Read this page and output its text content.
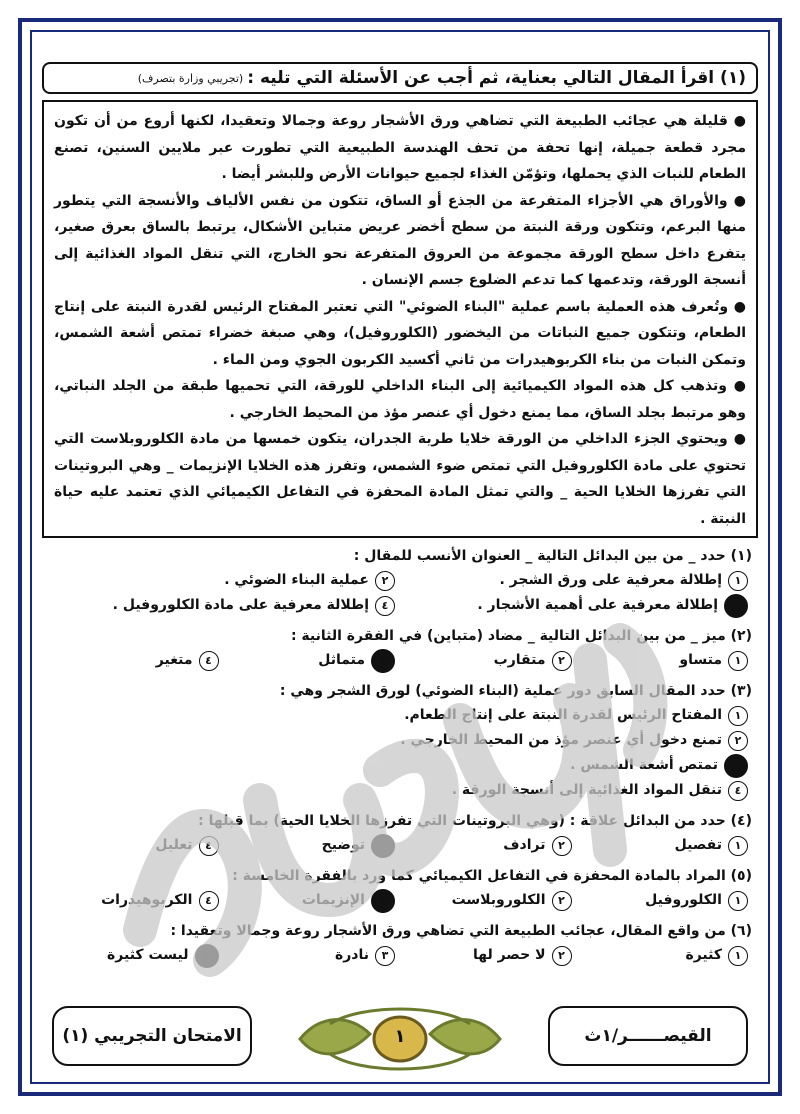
(١) اقرأ المقال التالي بعناية، ثم أجب عن الأسئلة التي تليه :
(تجريبي وزارة بتصرف)

● قليلة هي عجائب الطبيعة التي تضاهي ورق الأشجار روعة وجمالا وتعقيدا، لكنها أروع من أن تكون مجرد قطعة جميلة، إنها تحفة من تحف الهندسة الطبيعية التي تطورت عبر ملايين السنين، تصنع الطعام للنبات الذي يحملها، وتؤمّن الغذاء لجميع حيوانات الأرض وللبشر أيضا .

● والأوراق هي الأجزاء المتفرعة من الجذع أو الساق، تتكون من نفس الألياف والأنسجة التي يتطور منها البرعم، وتتكون ورقة النبتة من سطح أخضر عريض متباين الأشكال، يرتبط بالساق بعرق صغير، يتفرع داخل سطح الورقة مجموعة من العروق المتفرعة نحو الخارج، التي تنقل المواد الغذائية إلى أنسجة الورقة، وتدعمها كما تدعم الضلوع جسم الإنسان .

● وتُعرف هذه العملية باسم عملية "البناء الضوئي" التي تعتبر المفتاح الرئيس لقدرة النبتة على إنتاج الطعام، وتتكون جميع النباتات من اليخضور (الكلوروفيل)، وهي صبغة خضراء تمتص أشعة الشمس، وتمكن النبات من بناء الكربوهيدرات من ثاني أكسيد الكربون الجوي ومن الماء .

● وتذهب كل هذه المواد الكيميائية إلى البناء الداخلي للورقة، التي تحميها طبقة من الجلد النباتي، وهو مرتبط بجلد الساق، مما يمنع دخول أي عنصر مؤذ من المحيط الخارجي .

● ويحتوي الجزء الداخلي من الورقة خلايا طرية الجدران، يتكون خمسها من مادة الكلوروبلاست التي تحتوي على مادة الكلوروفيل التي تمتص ضوء الشمس، وتفرز هذه الخلايا الإنزيمات _ وهي البروتينات التي تفرزها الخلايا الحية _ والتي تمثل المادة المحفزة في التفاعل الكيميائي الذي تعتمد عليه حياة النبتة .

(١) حدد _ من بين البدائل التالية _ العنوان الأنسب للمقال :
١
إطلالة معرفية على ورق الشجر .
٢
عملية البناء الضوئي .
٣
إطلالة معرفية على أهمية الأشجار .
٤
إطلالة معرفية على مادة الكلوروفيل .
(٢) ميز _ من بين البدائل التالية _ مضاد (متباين) في الفقرة الثانية :
١
متساو
٢
متقارب
٣
متماثل
٤
متغير
(٣) حدد المقال السابق دور عملية (البناء الضوئي) لورق الشجر وهي :
١
المفتاح الرئيس لقدرة النبتة على إنتاج الطعام.
٢
تمنع دخول أي عنصر مؤذ من المحيط الخارجي .
٣
تمتص أشعة الشمس .
٤
تنقل المواد الغذائية إلى أنسجة الورقة .
(٤) حدد من البدائل علاقة : (وهي البروتينات التي تفرزها الخلايا الحية) بما قبلها :
١
تفصيل
٢
ترادف
٣
توضيح
٤
تعليل
(٥) المراد بالمادة المحفزة في التفاعل الكيميائي كما ورد بالفقرة الخامسة :
١
الكلوروفيل
٢
الكلوروبلاست
٣
الإنزيمات
٤
الكربوهيدرات
(٦) من واقع المقال، عجائب الطبيعة التي تضاهي ورق الأشجار روعة وجمالا وتعقيدا :
١
كثيرة
٢
لا حصر لها
٣
نادرة
٤
ليست كثيرة
الامتحان التجريبي (١)	١	القيصــــــر/١ث
